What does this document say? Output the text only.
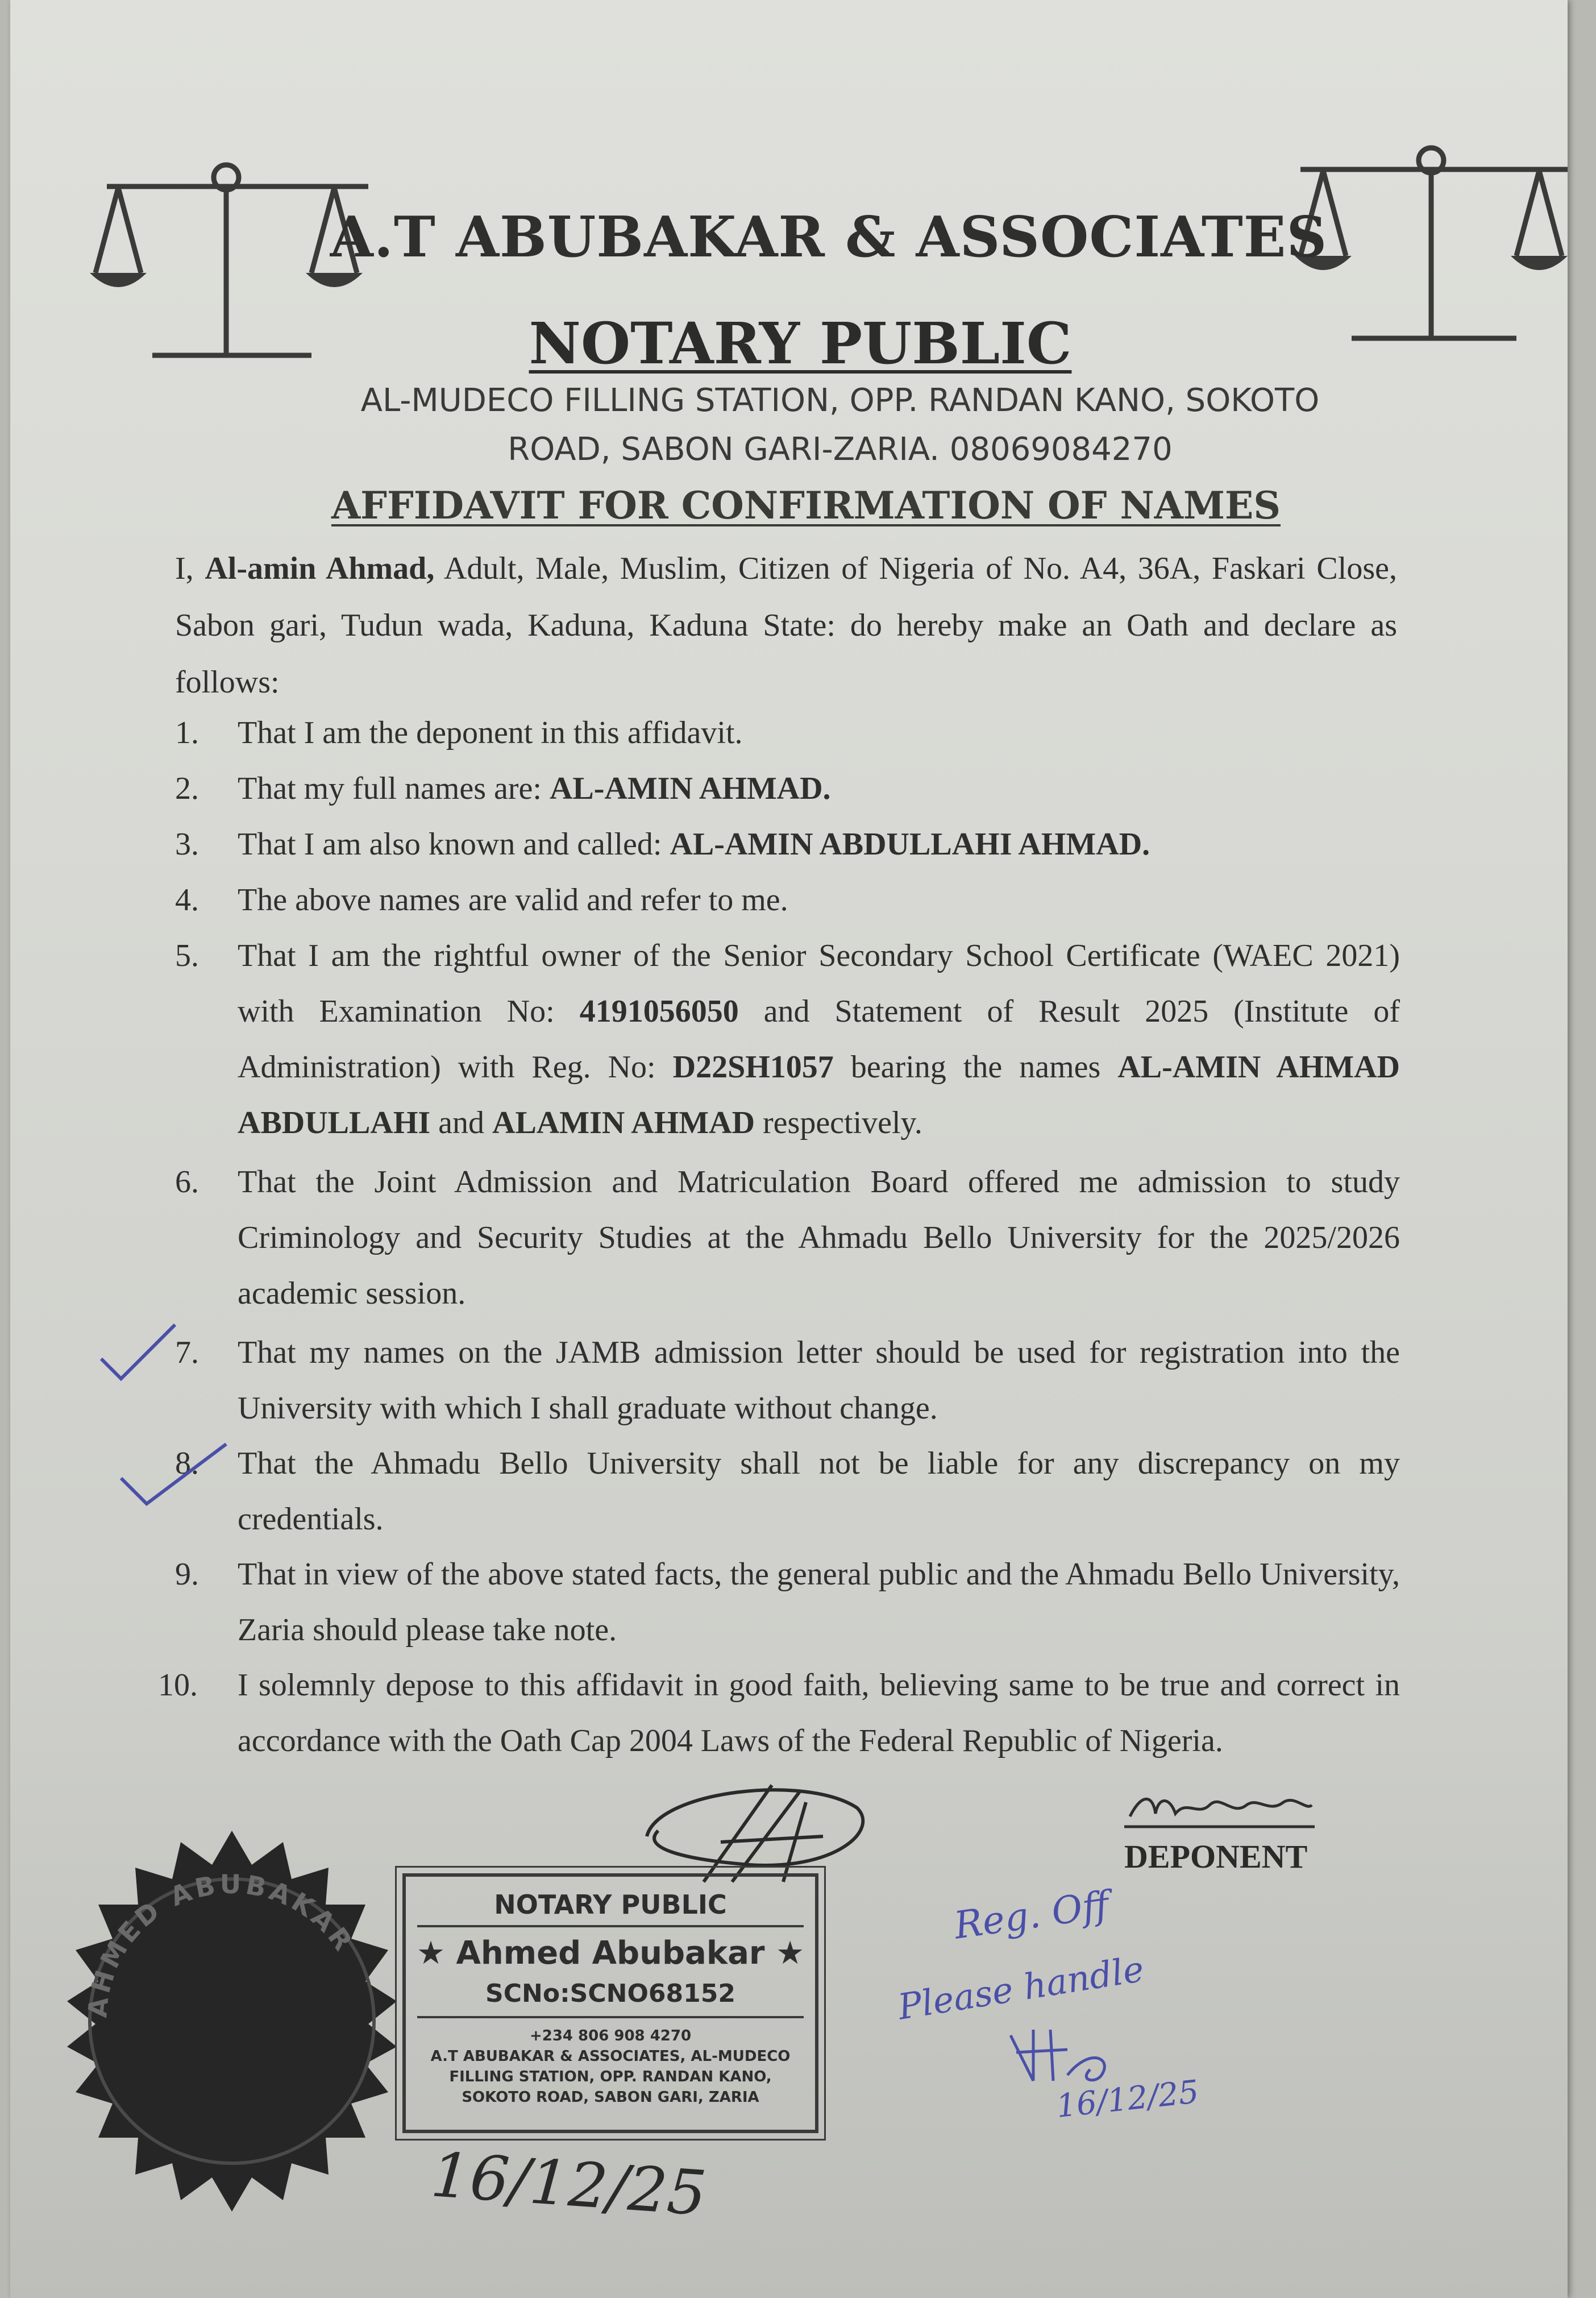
A.T ABUBAKAR & ASSOCIATES
NOTARY PUBLIC
AL-MUDECO FILLING STATION, OPP. RANDAN KANO, SOKOTO
ROAD, SABON GARI-ZARIA. 08069084270
AFFIDAVIT FOR CONFIRMATION OF NAMES
I, Al-amin Ahmad, Adult, Male, Muslim, Citizen of Nigeria of No. A4, 36A, Faskari Close, Sabon gari, Tudun wada, Kaduna, Kaduna State: do hereby make an Oath and declare as follows:
1.	That I am the deponent in this affidavit.
2.	That my full names are: AL-AMIN AHMAD.
3.	That I am also known and called: AL-AMIN ABDULLAHI AHMAD.
4.	The above names are valid and refer to me.
5.	That I am the rightful owner of the Senior Secondary School Certificate (WAEC 2021) with Examination No: 4191056050 and Statement of Result 2025 (Institute of Administration) with Reg. No: D22SH1057 bearing the names AL-AMIN AHMAD ABDULLAHI and ALAMIN AHMAD respectively.
6.	That the Joint Admission and Matriculation Board offered me admission to study Criminology and Security Studies at the Ahmadu Bello University for the 2025/2026 academic session.
7.	That my names on the JAMB admission letter should be used for registration into the University with which I shall graduate without change.
8.	That the Ahmadu Bello University shall not be liable for any discrepancy on my credentials.
9.	That in view of the above stated facts, the general public and the Ahmadu Bello University, Zaria should please take note.
10.	I solemnly depose to this affidavit in good faith, believing same to be true and correct in accordance with the Oath Cap 2004 Laws of the Federal Republic of Nigeria.
DEPONENT
AHMED ABUBAKAR
NOTARY PUBLIC
★ Ahmed Abubakar ★
SCNo:SCNO68152
+234 806 908 4270
A.T ABUBAKAR & ASSOCIATES, AL-MUDECO FILLING STATION, OPP. RANDAN KANO, SOKOTO ROAD, SABON GARI, ZARIA
16/12/25
Reg. Off
Please handle
16/12/25
